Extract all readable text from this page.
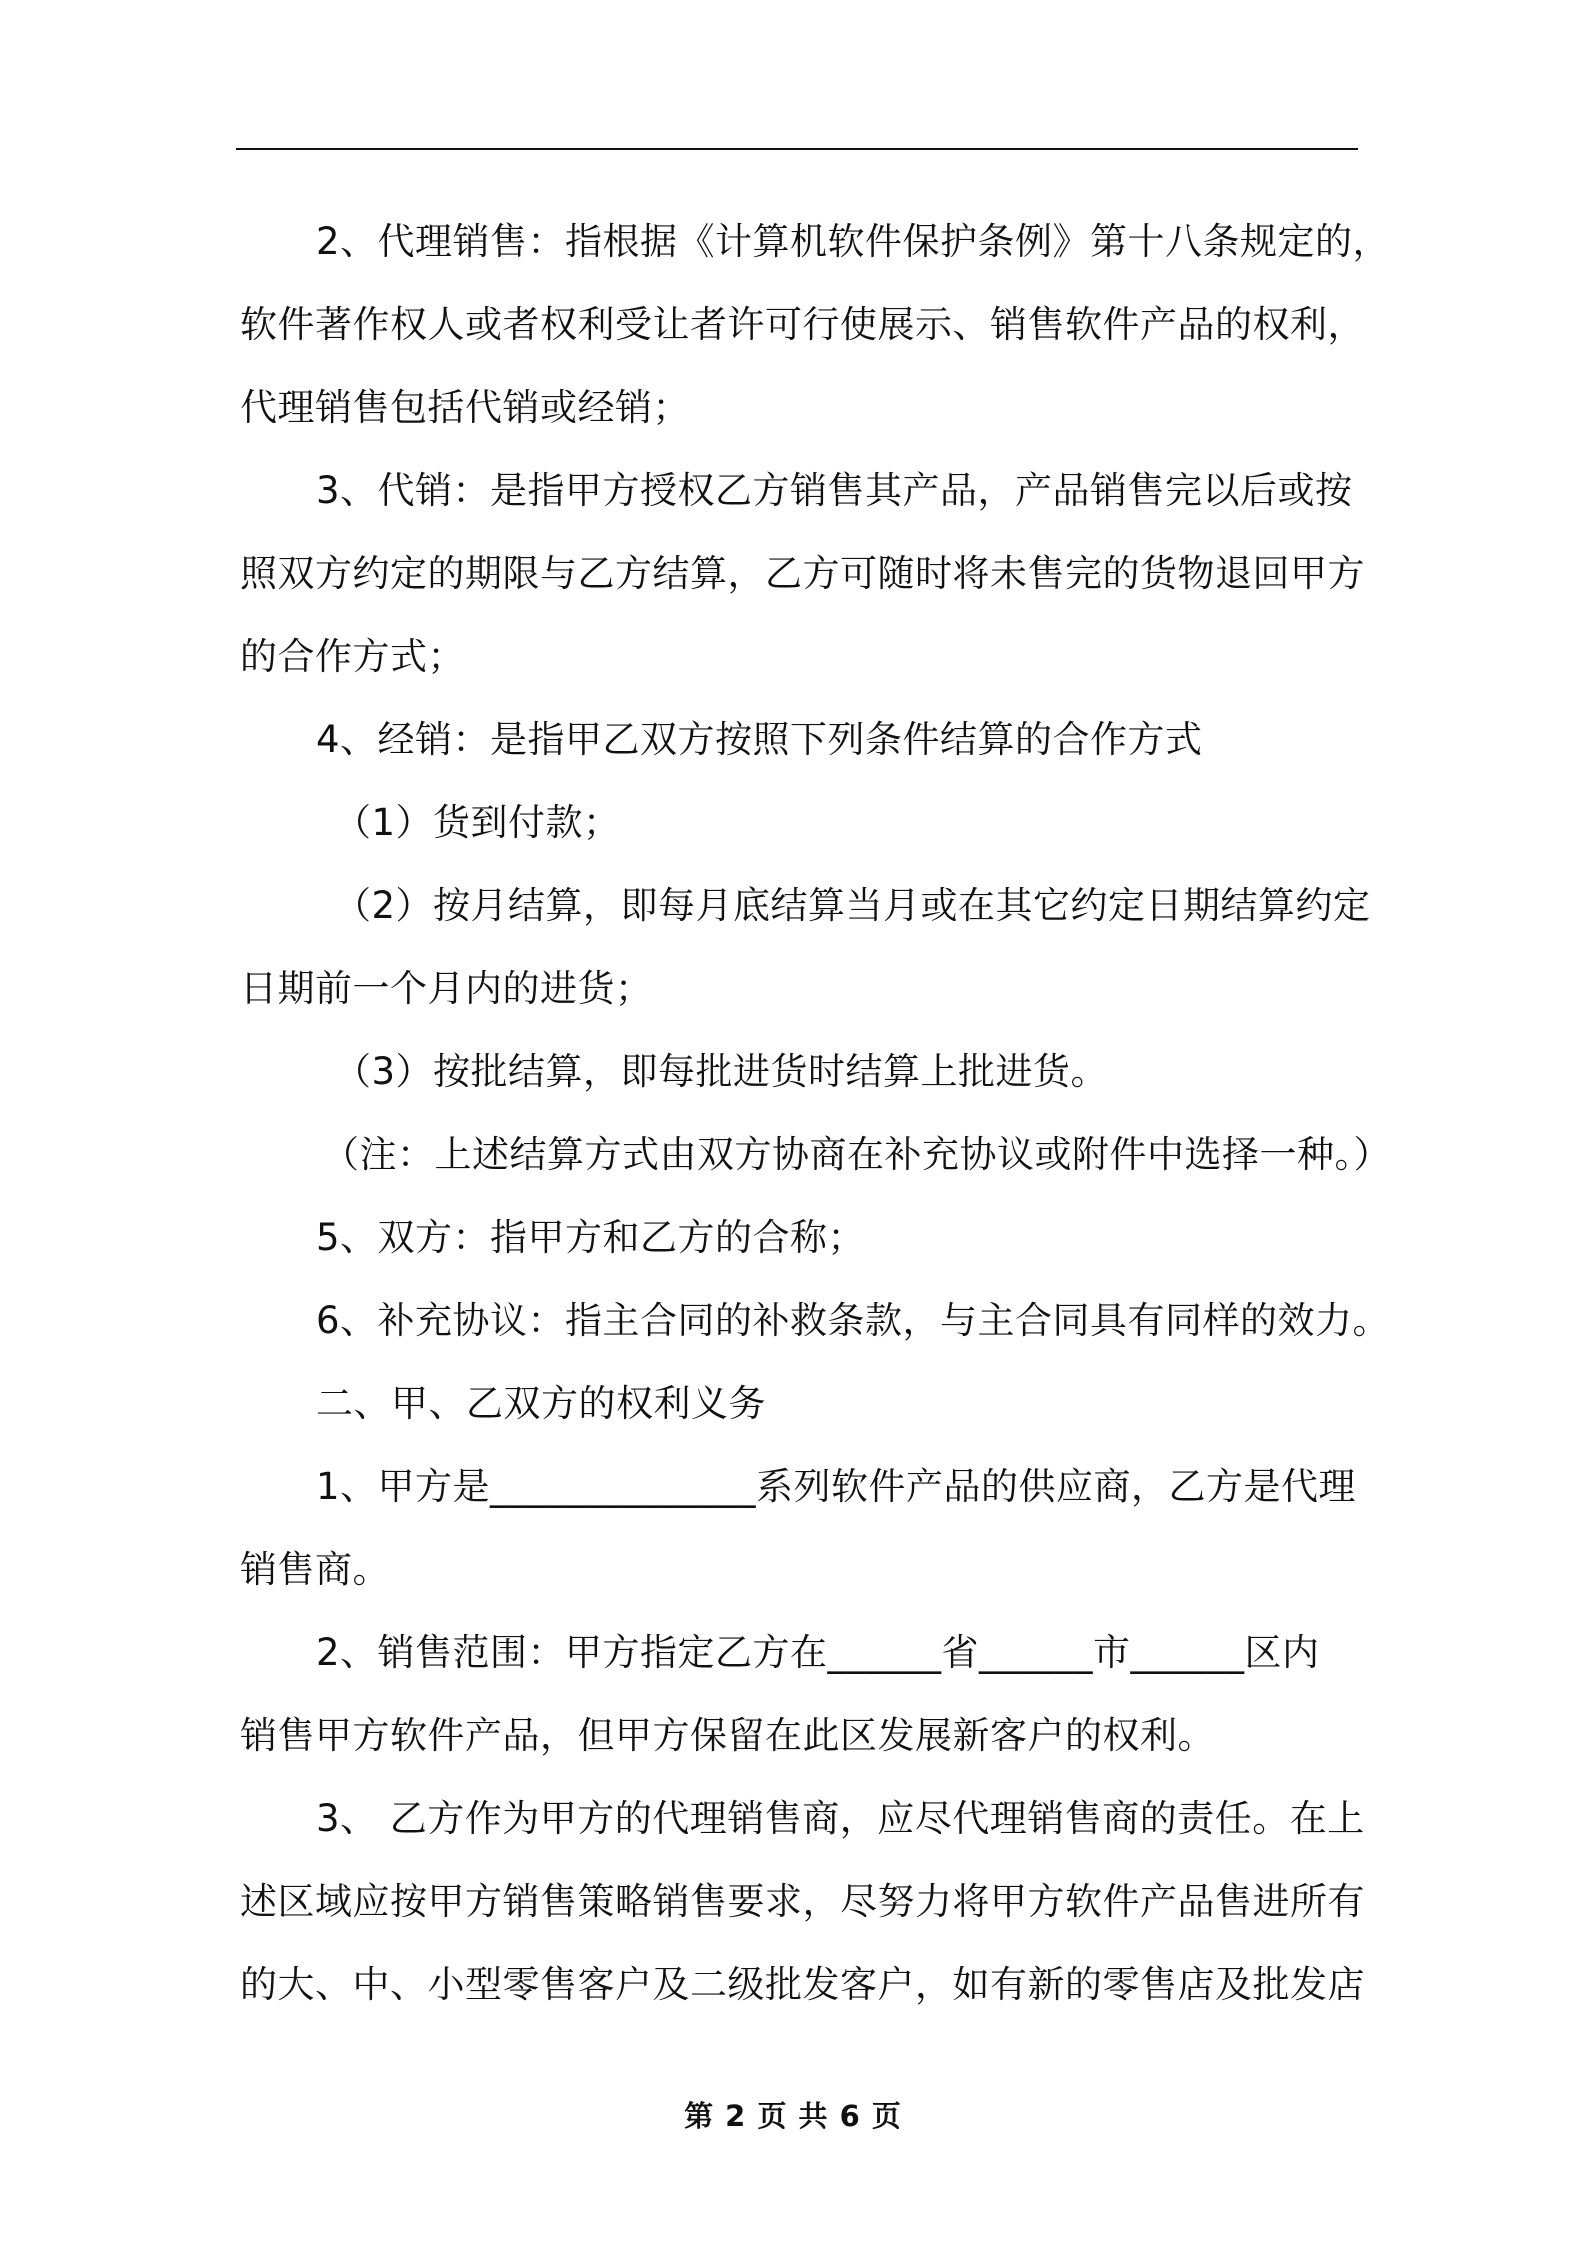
2、代理销售：指根据《计算机软件保护条例》第十八条规定的，

软件著作权人或者权利受让者许可行使展示、销售软件产品的权利，

代理销售包括代销或经销；

3、代销：是指甲方授权乙方销售其产品，产品销售完以后或按

照双方约定的期限与乙方结算，乙方可随时将未售完的货物退回甲方

的合作方式；

4、经销：是指甲乙双方按照下列条件结算的合作方式

（1）货到付款；

（2）按月结算，即每月底结算当月或在其它约定日期结算约定

日期前一个月内的进货；

（3）按批结算，即每批进货时结算上批进货。

（注：上述结算方式由双方协商在补充协议或附件中选择一种。）

5、双方：指甲方和乙方的合称；

6、补充协议：指主合同的补救条款，与主合同具有同样的效力。

二、甲、乙双方的权利义务

1、甲方是______________系列软件产品的供应商，乙方是代理

销售商。

2、销售范围：甲方指定乙方在______省______市______区内

销售甲方软件产品，但甲方保留在此区发展新客户的权利。

3、 乙方作为甲方的代理销售商，应尽代理销售商的责任。在上

述区域应按甲方销售策略销售要求，尽努力将甲方软件产品售进所有

的大、中、小型零售客户及二级批发客户，如有新的零售店及批发店

第 2 页 共 6 页
